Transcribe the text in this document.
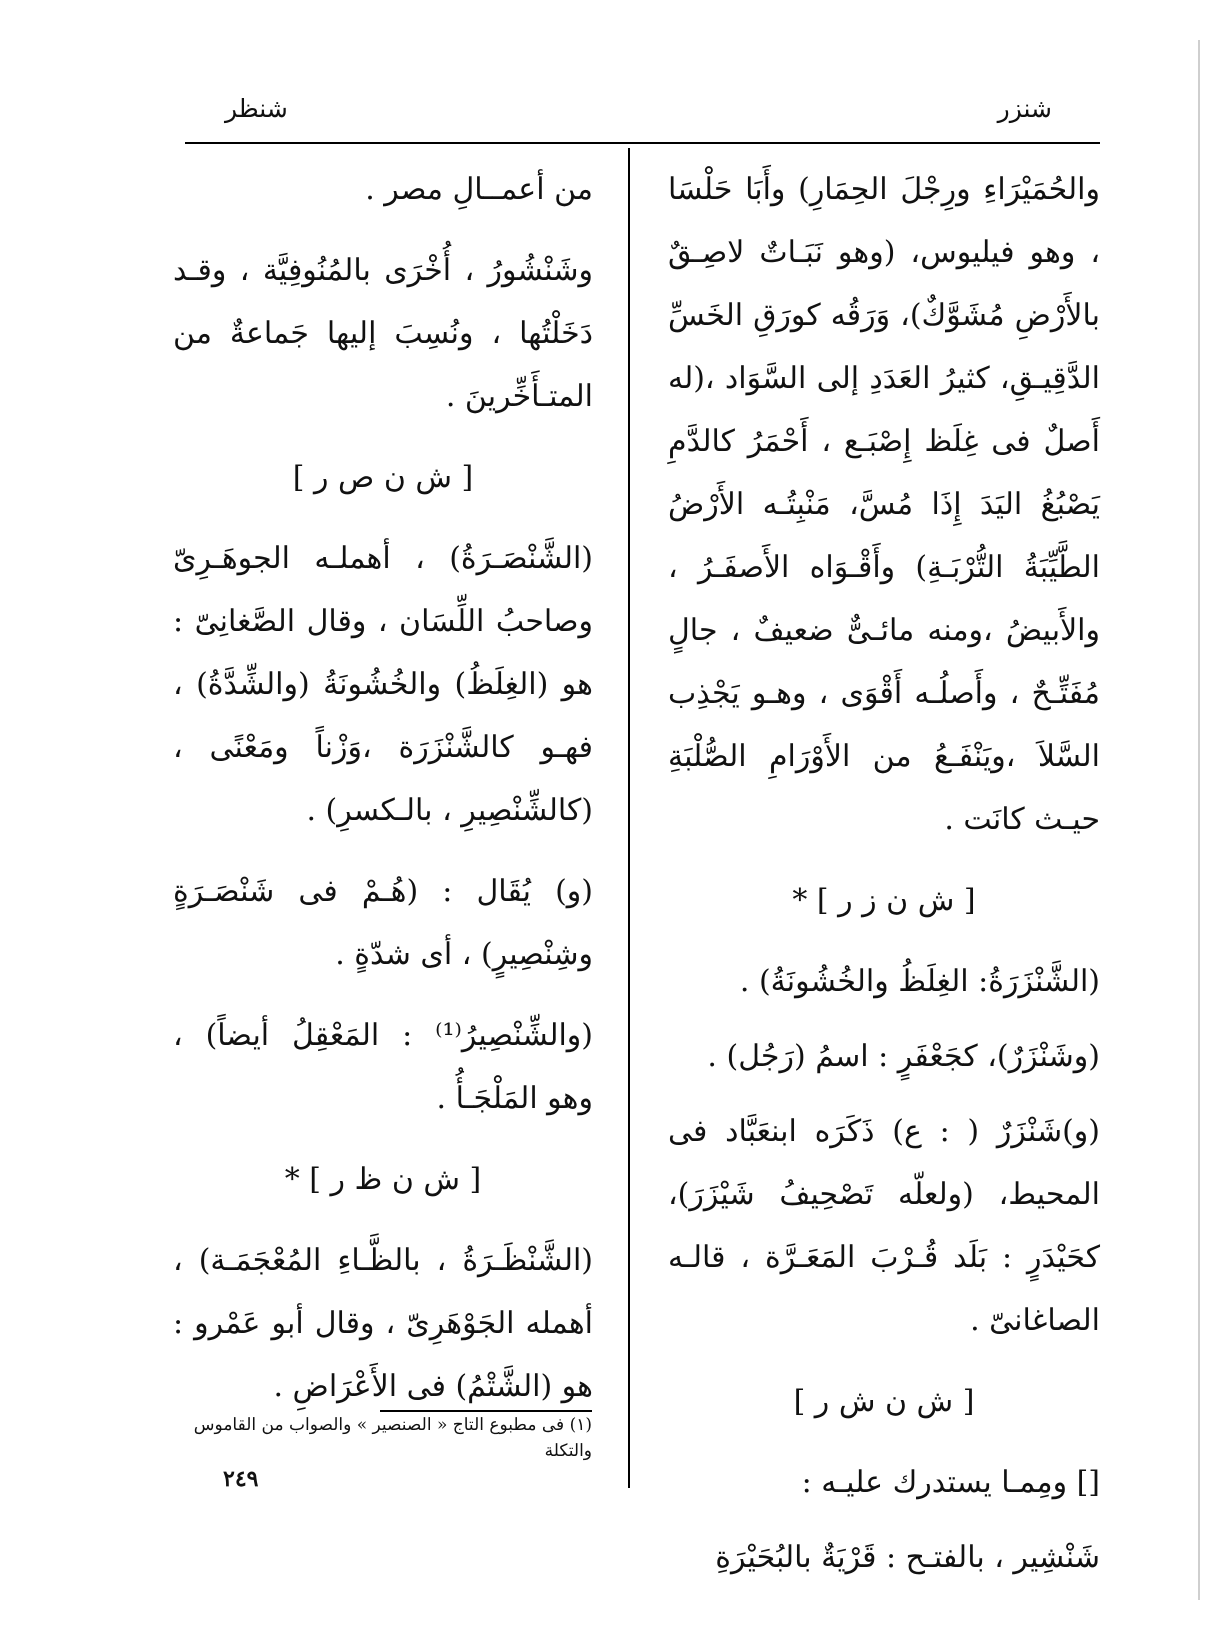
شنزر
شنظر

والحُمَيْرَاءِ ورِجْلَ الحِمَارِ) وأَبَا حَلْسَا ، وهو فيليوس، (وهو نَبَـاتٌ لاصِـقٌ بالأَرْضِ مُشَوَّكٌ)، وَرَقُه كورَقِ الخَسِّ الدَّقِيـقِ، كثيرُ العَدَدِ إلى السَّوَاد ،(له أَصلٌ فى غِلَظ إِصْبَـع ، أَحْمَرُ كالدَّمِ يَصْبُغُ اليَدَ إِذَا مُسَّ، مَنْبِتُـه الأَرْضُ الطَّيِّبَةُ التُّرْبَـةِ) وأَقْـوَاه الأَصفَـرُ ، والأَبيضُ ،ومنه مائـىٌّ ضعيفٌ ، جالٍ مُفَتِّـحٌ ، وأَصلُـه أَقْوَى ، وهـو يَجْذِب السَّلاَ ،ويَنْفَـعُ من الأَوْرَامِ الصُّلْبَةِ حيـث كانَت .

[ ش ن ز ر ] *

(الشَّنْزَرَةُ: الغِلَظُ والخُشُونَةُ) .

(وشَنْزَرٌ)، كجَعْفَرٍ : اسمُ (رَجُل) .

(و)شَنْزَرٌ ( : ع) ذَكَرَه ابنعَبَّاد فى المحيط، (ولعلّه تَصْحِيفُ شَيْزَرَ)، كحَيْدَرٍ : بَلَد قُـرْبَ المَعَـرَّة ، قالـه الصاغانىّ .

[ ش ن ش ر ]

[] ومِمـا يستدرك عليـه :

شَنْشِير ، بالفتـح : قَرْيَةٌ بالبُحَيْرَةِ

من أعمــالِ مصر .

وشَنْشُورُ ، أُخْرَى بالمُنُوفِيَّة ، وقـد دَخَلْتُها ، ونُسِبَ إليها جَماعةٌ من المتـأَخِّرينَ .

[ ش ن ص ر ]

(الشَّنْصَـرَةُ) ، أهملـه الجوهَـرِىّ وصاحبُ اللِّسَان ، وقال الصَّغانِىّ : هو (الغِلَظُ) والخُشُونَةُ (والشِّدَّةُ) ، فهـو كالشَّنْزَرَة ،وَزْناً ومَعْنًى ، (كالشِّنْصِيرِ ، بالـكسرِ) .

(و) يُقَال : (هُـمْ فى شَنْصَـرَةٍ وشِنْصِيرٍ) ، أى شدّةٍ .

(والشِّنْصِيرُ⁽¹⁾ : المَعْقِلُ أيضاً) ، وهو المَلْجَـأُ .

[ ش ن ظ ر ] *

(الشَّنْظَـرَةُ ، بالظَّـاءِ المُعْجَمَـة) ، أهمله الجَوْهَرِىّ ، وقال أبو عَمْرو : هو (الشَّتْمُ) فى الأَعْرَاضِ .

(١) فى مطبوع التاج « الصنصير » والصواب من القاموس والتكلة
٢٤٩
